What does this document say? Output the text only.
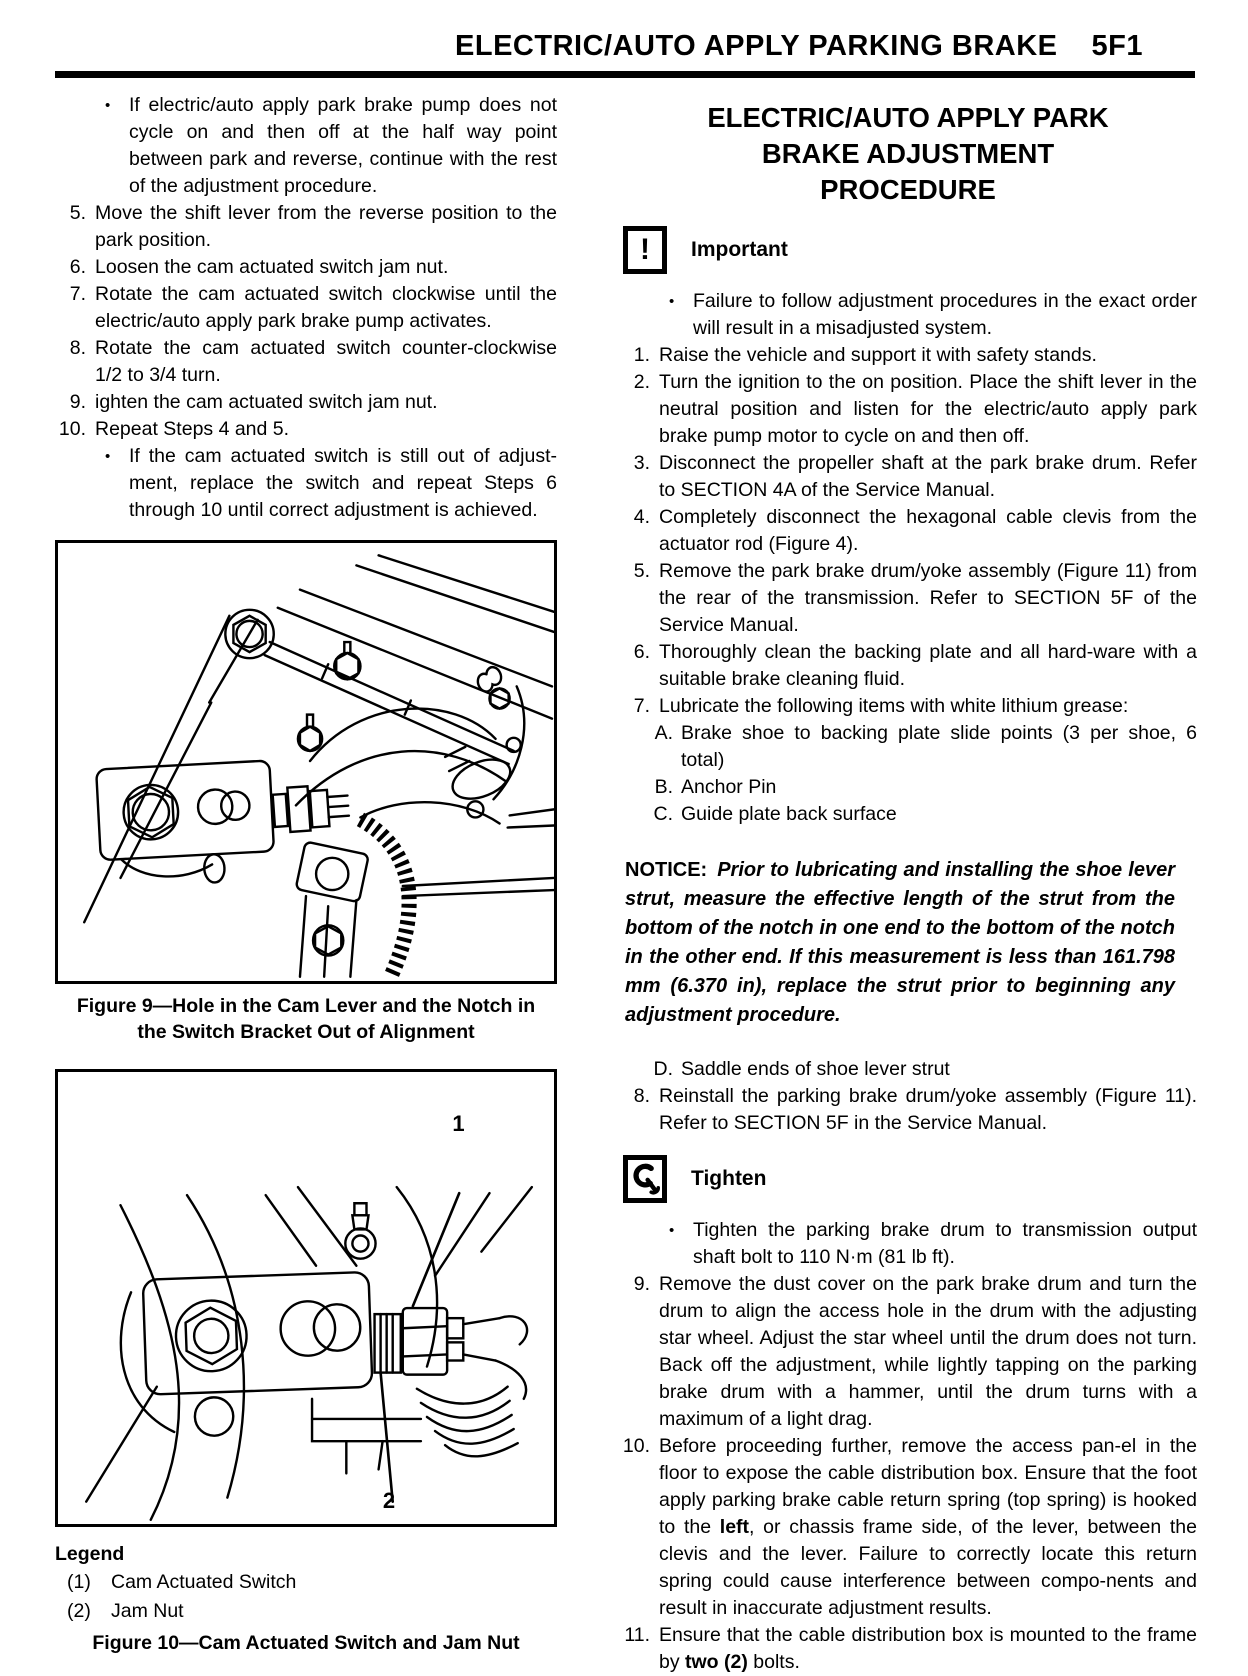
ELECTRIC/AUTO APPLY PARKING BRAKE 5F1
• If electric/auto apply park brake pump does not cycle on and then off at the half way point between park and reverse, continue with the rest of the adjustment procedure.
5. Move the shift lever from the reverse position to the park position.
6. Loosen the cam actuated switch jam nut.
7. Rotate the cam actuated switch clockwise until the electric/auto apply park brake pump activates.
8. Rotate the cam actuated switch counter-clockwise 1/2 to 3/4 turn.
9. ighten the cam actuated switch jam nut.
10. Repeat Steps 4 and 5.
• If the cam actuated switch is still out of adjust-ment, replace the switch and repeat Steps 6 through 10 until correct adjustment is achieved.
Figure 9—Hole in the Cam Lever and the Notch in the Switch Bracket Out of Alignment
1
2
Legend
(1)	Cam Actuated Switch
(2)	Jam Nut
Figure 10—Cam Actuated Switch and Jam Nut
ELECTRIC/AUTO APPLY PARK
BRAKE ADJUSTMENT
PROCEDURE
!	Important
• Failure to follow adjustment procedures in the exact order will result in a misadjusted system.
1. Raise the vehicle and support it with safety stands.
2. Turn the ignition to the on position. Place the shift lever in the neutral position and listen for the electric/auto apply park brake pump motor to cycle on and then off.
3. Disconnect the propeller shaft at the park brake drum. Refer to SECTION 4A of the Service Manual.
4. Completely disconnect the hexagonal cable clevis from the actuator rod (Figure 4).
5. Remove the park brake drum/yoke assembly (Figure 11) from the rear of the transmission. Refer to SECTION 5F of the Service Manual.
6. Thoroughly clean the backing plate and all hard-ware with a suitable brake cleaning fluid.
7. Lubricate the following items with white lithium grease:
A. Brake shoe to backing plate slide points (3 per shoe, 6 total)
B. Anchor Pin
C. Guide plate back surface
NOTICE: Prior to lubricating and installing the shoe lever strut, measure the effective length of the strut from the bottom of the notch in one end to the bottom of the notch in the other end. If this measurement is less than 161.798 mm (6.370 in), replace the strut prior to beginning any adjustment procedure.
D. Saddle ends of shoe lever strut
8. Reinstall the parking brake drum/yoke assembly (Figure 11). Refer to SECTION 5F in the Service Manual.
Tighten
• Tighten the parking brake drum to transmission output shaft bolt to 110 N·m (81 lb ft).
9. Remove the dust cover on the park brake drum and turn the drum to align the access hole in the drum with the adjusting star wheel. Adjust the star wheel until the drum does not turn. Back off the adjustment, while lightly tapping on the parking brake drum with a hammer, until the drum turns with a maximum of a light drag.
10. Before proceeding further, remove the access pan-el in the floor to expose the cable distribution box. Ensure that the foot apply parking brake cable return spring (top spring) is hooked to the left, or chassis frame side, of the lever, between the clevis and the lever. Failure to correctly locate this return spring could cause interference between compo-nents and result in inaccurate adjustment results.
11. Ensure that the cable distribution box is mounted to the frame by two (2) bolts.
